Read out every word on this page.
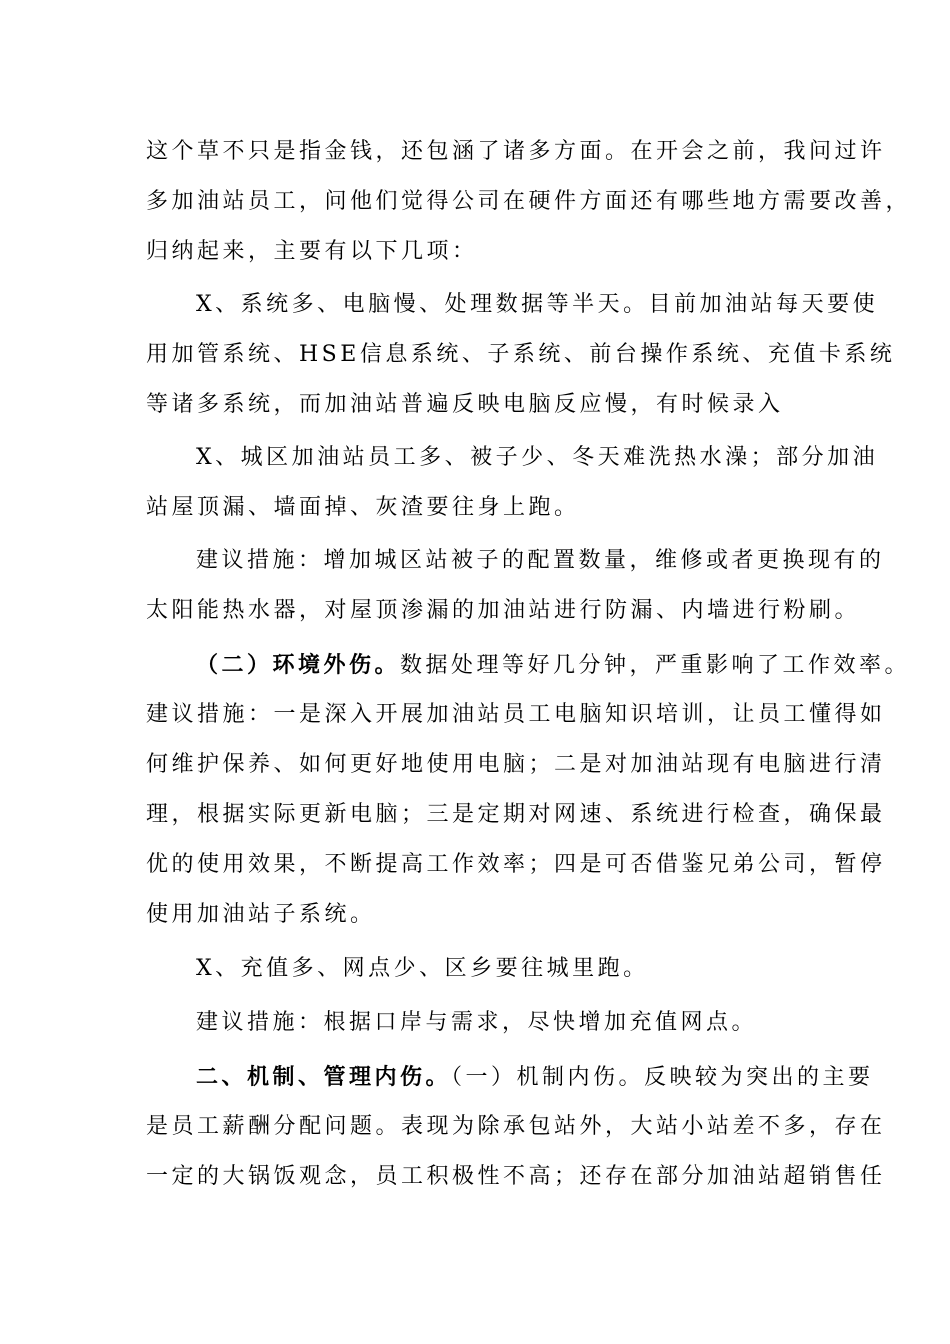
这个草不只是指金钱，还包涵了诸多方面。在开会之前，我问过许
多加油站员工，问他们觉得公司在硬件方面还有哪些地方需要改善，
归纳起来，主要有以下几项：
X、系统多、电脑慢、处理数据等半天。目前加油站每天要使
用加管系统、HSE信息系统、子系统、前台操作系统、充值卡系统
等诸多系统，而加油站普遍反映电脑反应慢，有时候录入
X、城区加油站员工多、被子少、冬天难洗热水澡；部分加油
站屋顶漏、墙面掉、灰渣要往身上跑。
建议措施：增加城区站被子的配置数量，维修或者更换现有的
太阳能热水器，对屋顶渗漏的加油站进行防漏、内墙进行粉刷。
（二）环境外伤。数据处理等好几分钟，严重影响了工作效率。
建议措施：一是深入开展加油站员工电脑知识培训，让员工懂得如
何维护保养、如何更好地使用电脑；二是对加油站现有电脑进行清
理，根据实际更新电脑；三是定期对网速、系统进行检查，确保最
优的使用效果，不断提高工作效率；四是可否借鉴兄弟公司，暂停
使用加油站子系统。
X、充值多、网点少、区乡要往城里跑。
建议措施：根据口岸与需求，尽快增加充值网点。
二、机制、管理内伤。（一）机制内伤。反映较为突出的主要
是员工薪酬分配问题。表现为除承包站外，大站小站差不多，存在
一定的大锅饭观念，员工积极性不高；还存在部分加油站超销售任
